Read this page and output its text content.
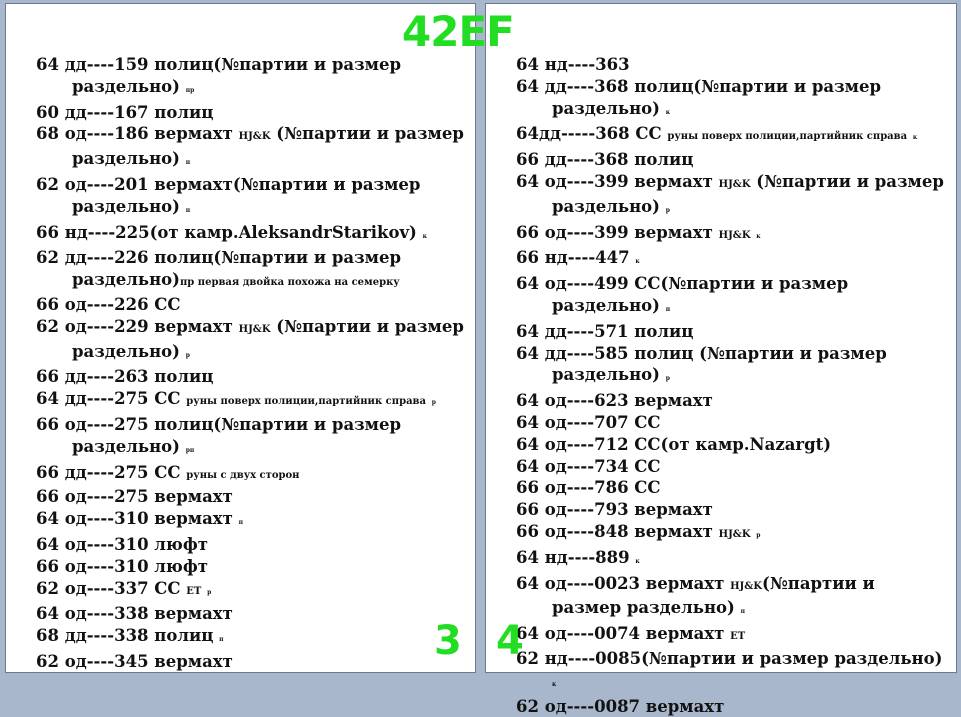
64 дд----159 полиц(№партии и размер раздельно) пр
60 дд----167 полиц
68 од----186 вермахт HJ&K (№партии и размер раздельно) п
62 од----201 вермахт(№партии и размер раздельно) п
66 нд----225(от камр.AleksandrStarikov) к
62 дд----226 полиц(№партии и размер раздельно)пр первая двойка похожа на семерку
66 од----226 СС
62 од----229 вермахт HJ&K (№партии и размер раздельно) р
66 дд----263 полиц
64 дд----275 СС руны поверх полиции,партийник справа р
66 од----275 полиц(№партии и размер раздельно) рп
66 дд----275 СС руны с двух сторон
66 од----275 вермахт
64 од----310 вермахт п
64 од----310 люфт
66 од----310 люфт
62 од----337 СС ET р
64 од----338 вермахт
68 дд----338 полиц п
62 од----345 вермахт
64 нд----363
64 дд----368 полиц(№партии и размер раздельно) к
64дд-----368 СС руны поверх полиции,партийник справа к
66 дд----368 полиц
64 од----399 вермахт HJ&K (№партии и размер раздельно) р
66 од----399 вермахт HJ&K к
66 нд----447 к
64 од----499 СС(№партии и размер раздельно) п
64 дд----571 полиц
64 дд----585 полиц (№партии и размер раздельно) р
64 од----623 вермахт
64 од----707 СС
64 од----712 СС(от камр.Nazargt)
64 од----734 СС
66 од----786 СС
66 од----793 вермахт
66 од----848 вермахт HJ&K р
64 нд----889 к
64 од----0023 вермахт HJ&K(№партии и размер раздельно) п
64 од----0074 вермахт ET
62 нд----0085(№партии и размер раздельно) к
62 од----0087 вермахт
42EF
3 4
